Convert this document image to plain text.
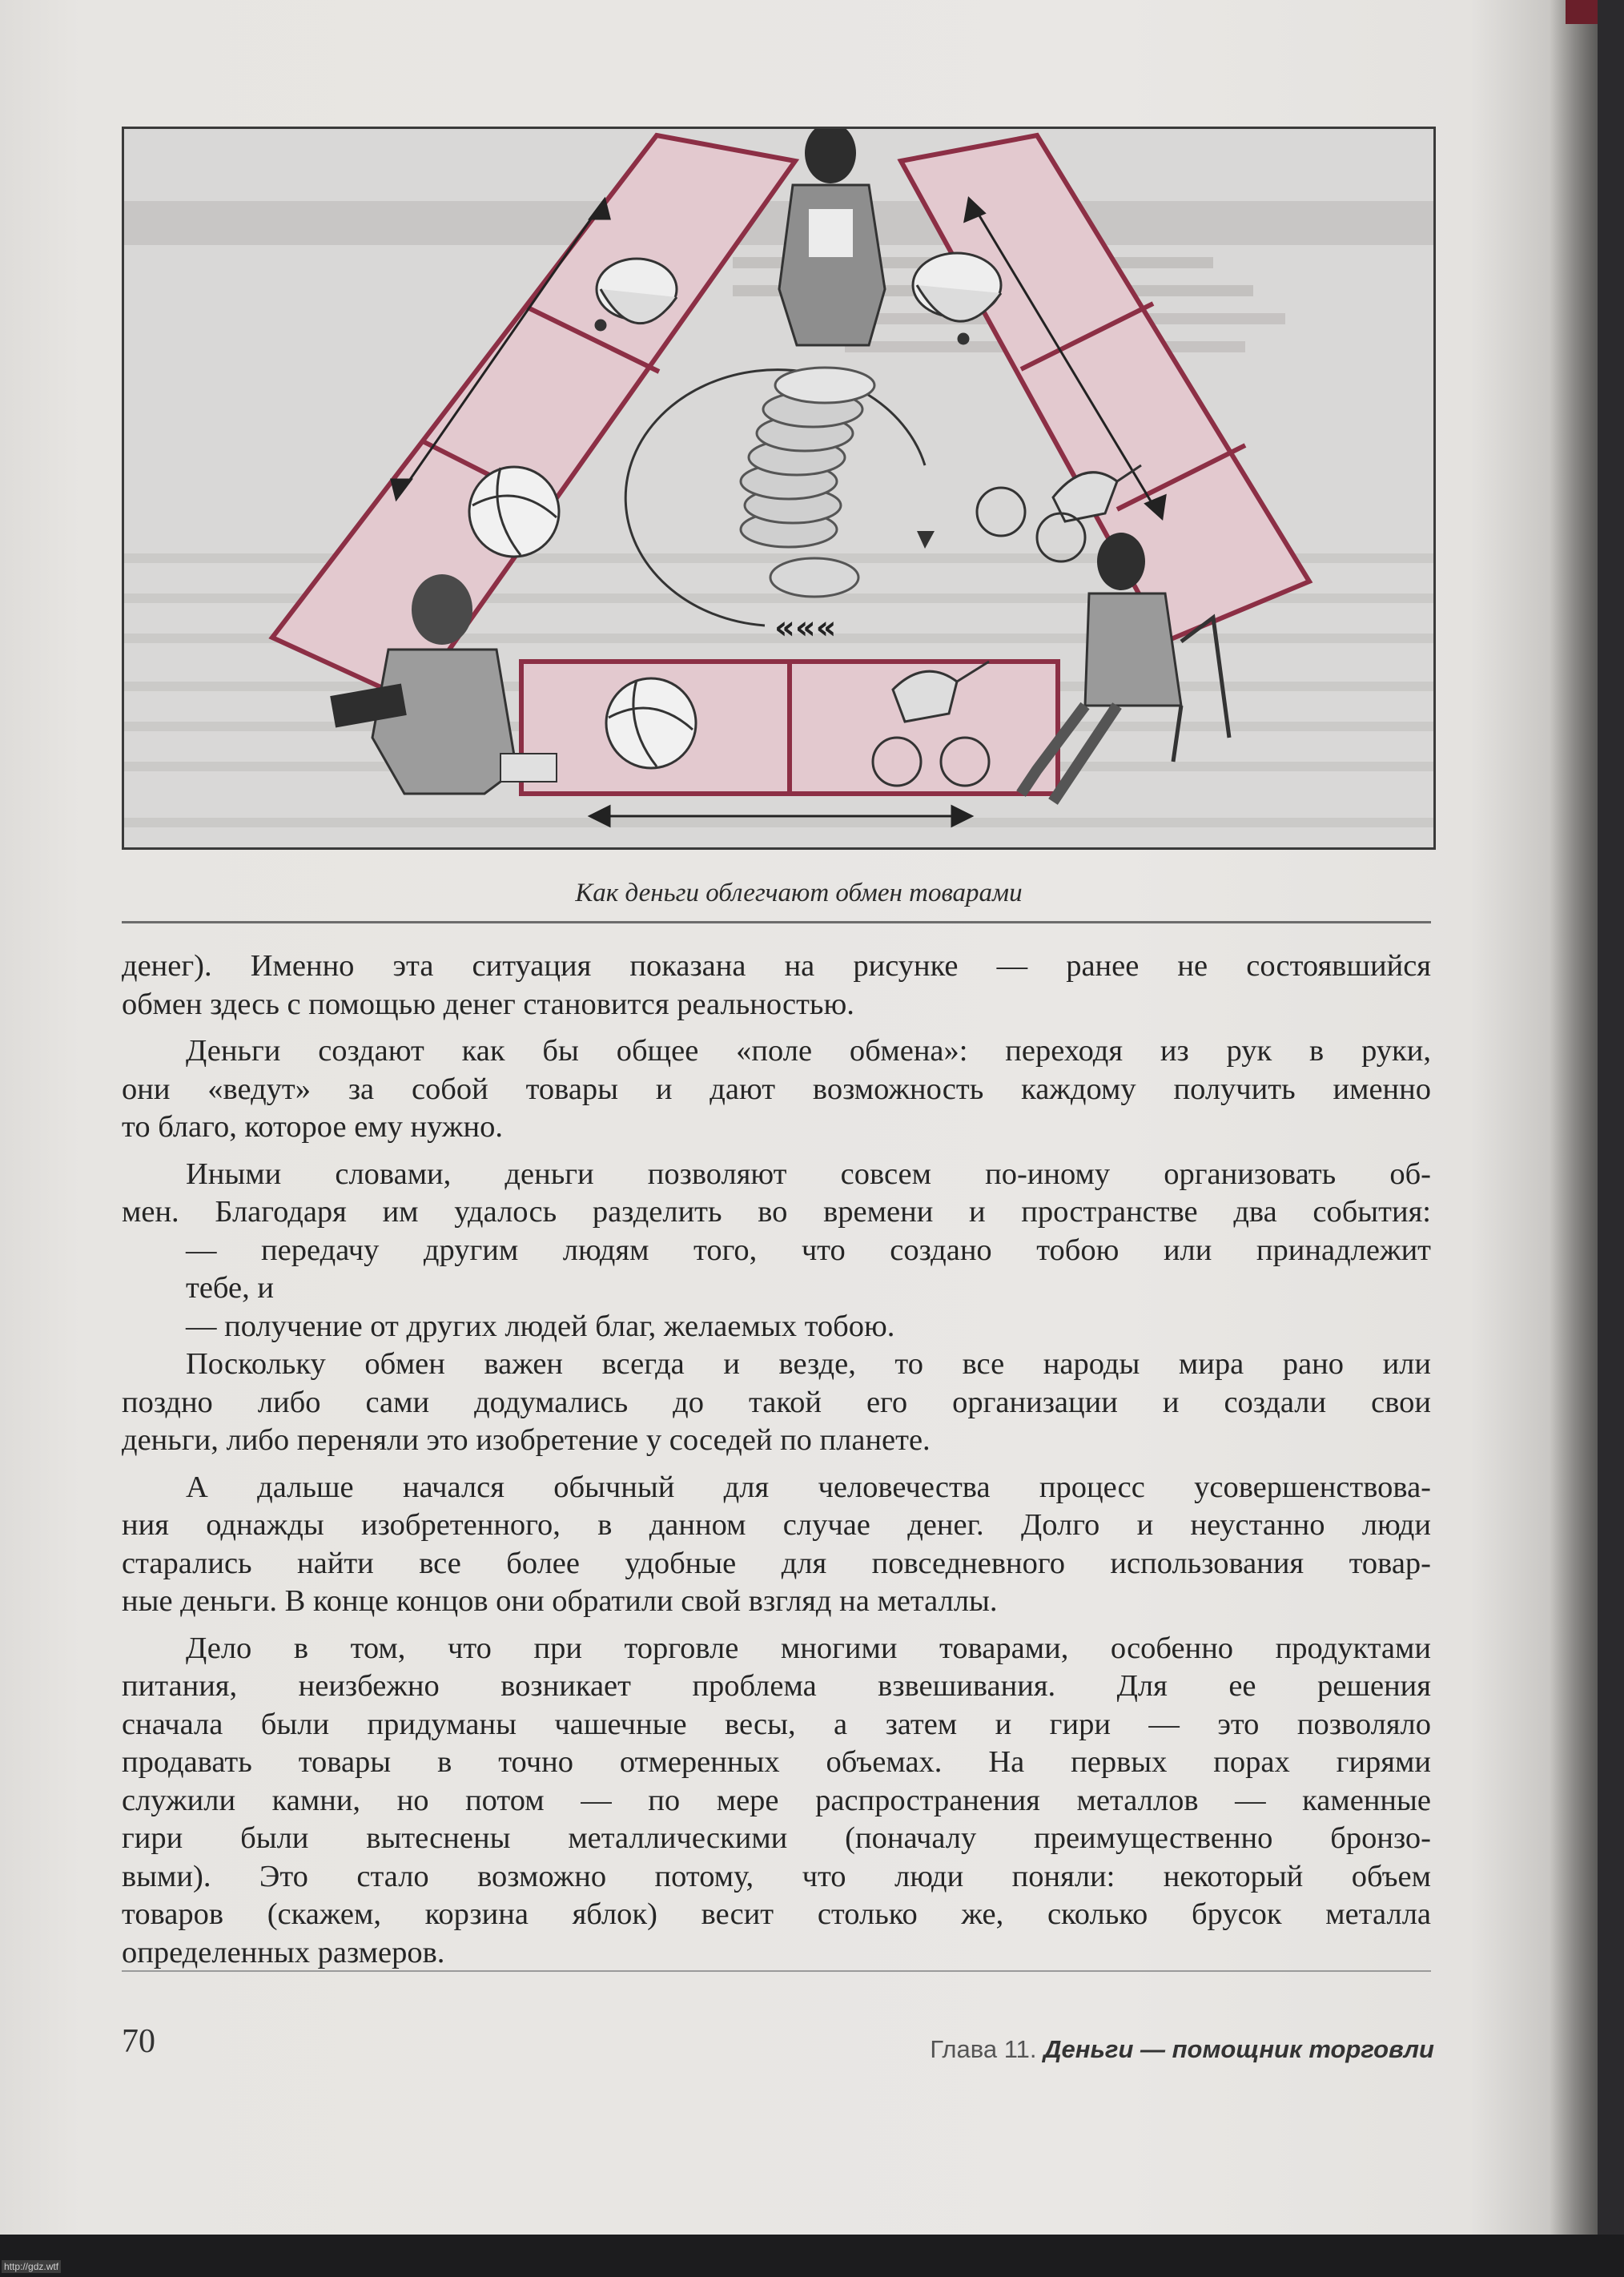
«««
Как деньги облегчают обмен товарами

денег). Именно эта ситуация показана на рисунке — ранее не состоявшийся

обмен здесь с помощью денег становится реальностью.

Деньги создают как бы общее «поле обмена»: переходя из рук в руки,

они «ведут» за собой товары и дают возможность каждому получить именно

то благо, которое ему нужно.

Иными словами, деньги позволяют совсем по-иному организовать об-

мен. Благодаря им удалось разделить во времени и пространстве два события:

— передачу другим людям того, что создано тобою или принадлежит

тебе, и

— получение от других людей благ, желаемых тобою.

Поскольку обмен важен всегда и везде, то все народы мира рано или

поздно либо сами додумались до такой его организации и создали свои

деньги, либо переняли это изобретение у соседей по планете.

А дальше начался обычный для человечества процесс усовершенствова-

ния однажды изобретенного, в данном случае денег. Долго и неустанно люди

старались найти все более удобные для повседневного использования товар-

ные деньги. В конце концов они обратили свой взгляд на металлы.

Дело в том, что при торговле многими товарами, особенно продуктами

питания, неизбежно возникает проблема взвешивания. Для ее решения

сначала были придуманы чашечные весы, а затем и гири — это позволяло

продавать товары в точно отмеренных объемах. На первых порах гирями

служили камни, но потом — по мере распространения металлов — каменные

гири были вытеснены металлическими (поначалу преимущественно бронзо-

выми). Это стало возможно потому, что люди поняли: некоторый объем

товаров (скажем, корзина яблок) весит столько же, сколько брусок металла

определенных размеров.

70	Глава 11. Деньги — помощник торговли
http://gdz.wtf
